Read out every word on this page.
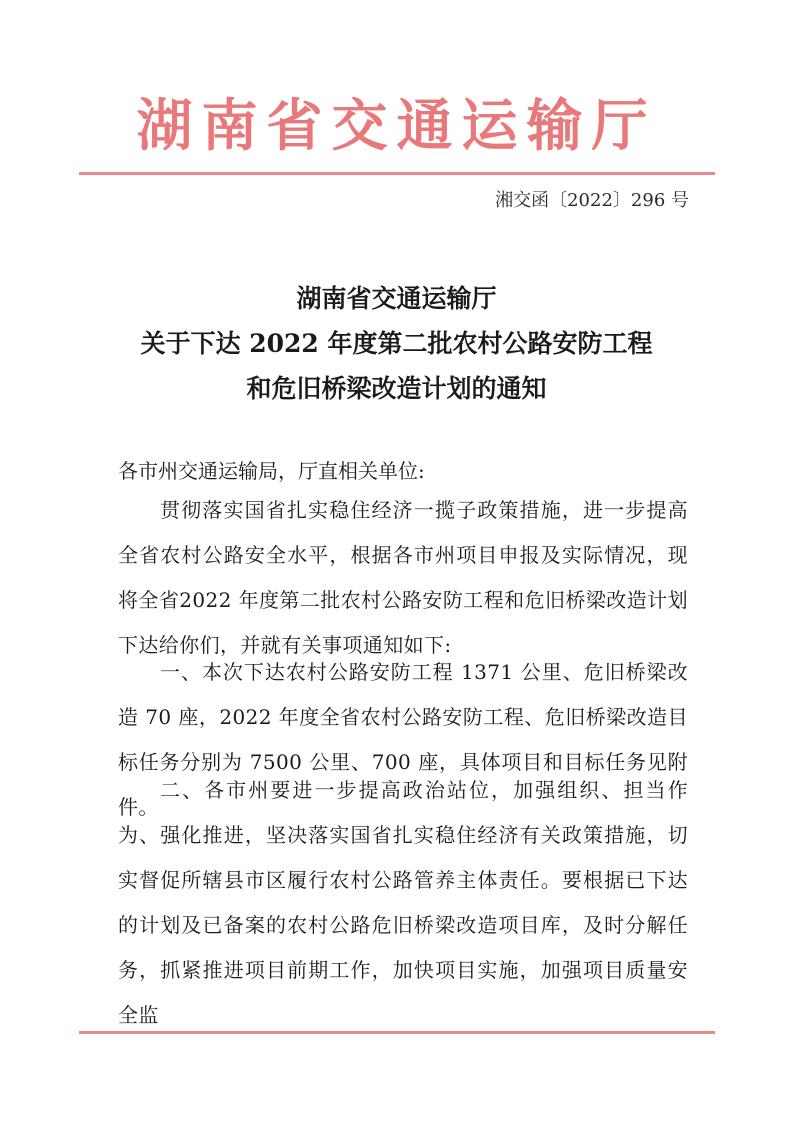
湖南省交通运输厅
湘交函〔2022〕296 号
湖南省交通运输厅
关于下达 2022 年度第二批农村公路安防工程
和危旧桥梁改造计划的通知
各市州交通运输局，厅直相关单位:
贯彻落实国省扎实稳住经济一揽子政策措施，进一步提高全省农村公路安全水平，根据各市州项目申报及实际情况，现将全省2022 年度第二批农村公路安防工程和危旧桥梁改造计划下达给你们，并就有关事项通知如下:
一、本次下达农村公路安防工程 1371 公里、危旧桥梁改造 70 座，2022 年度全省农村公路安防工程、危旧桥梁改造目标任务分别为 7500 公里、700 座，具体项目和目标任务见附件。
二、各市州要进一步提高政治站位，加强组织、担当作为、强化推进，坚决落实国省扎实稳住经济有关政策措施，切实督促所辖县市区履行农村公路管养主体责任。要根据已下达的计划及已备案的农村公路危旧桥梁改造项目库，及时分解任务，抓紧推进项目前期工作，加快项目实施，加强项目质量安全监
